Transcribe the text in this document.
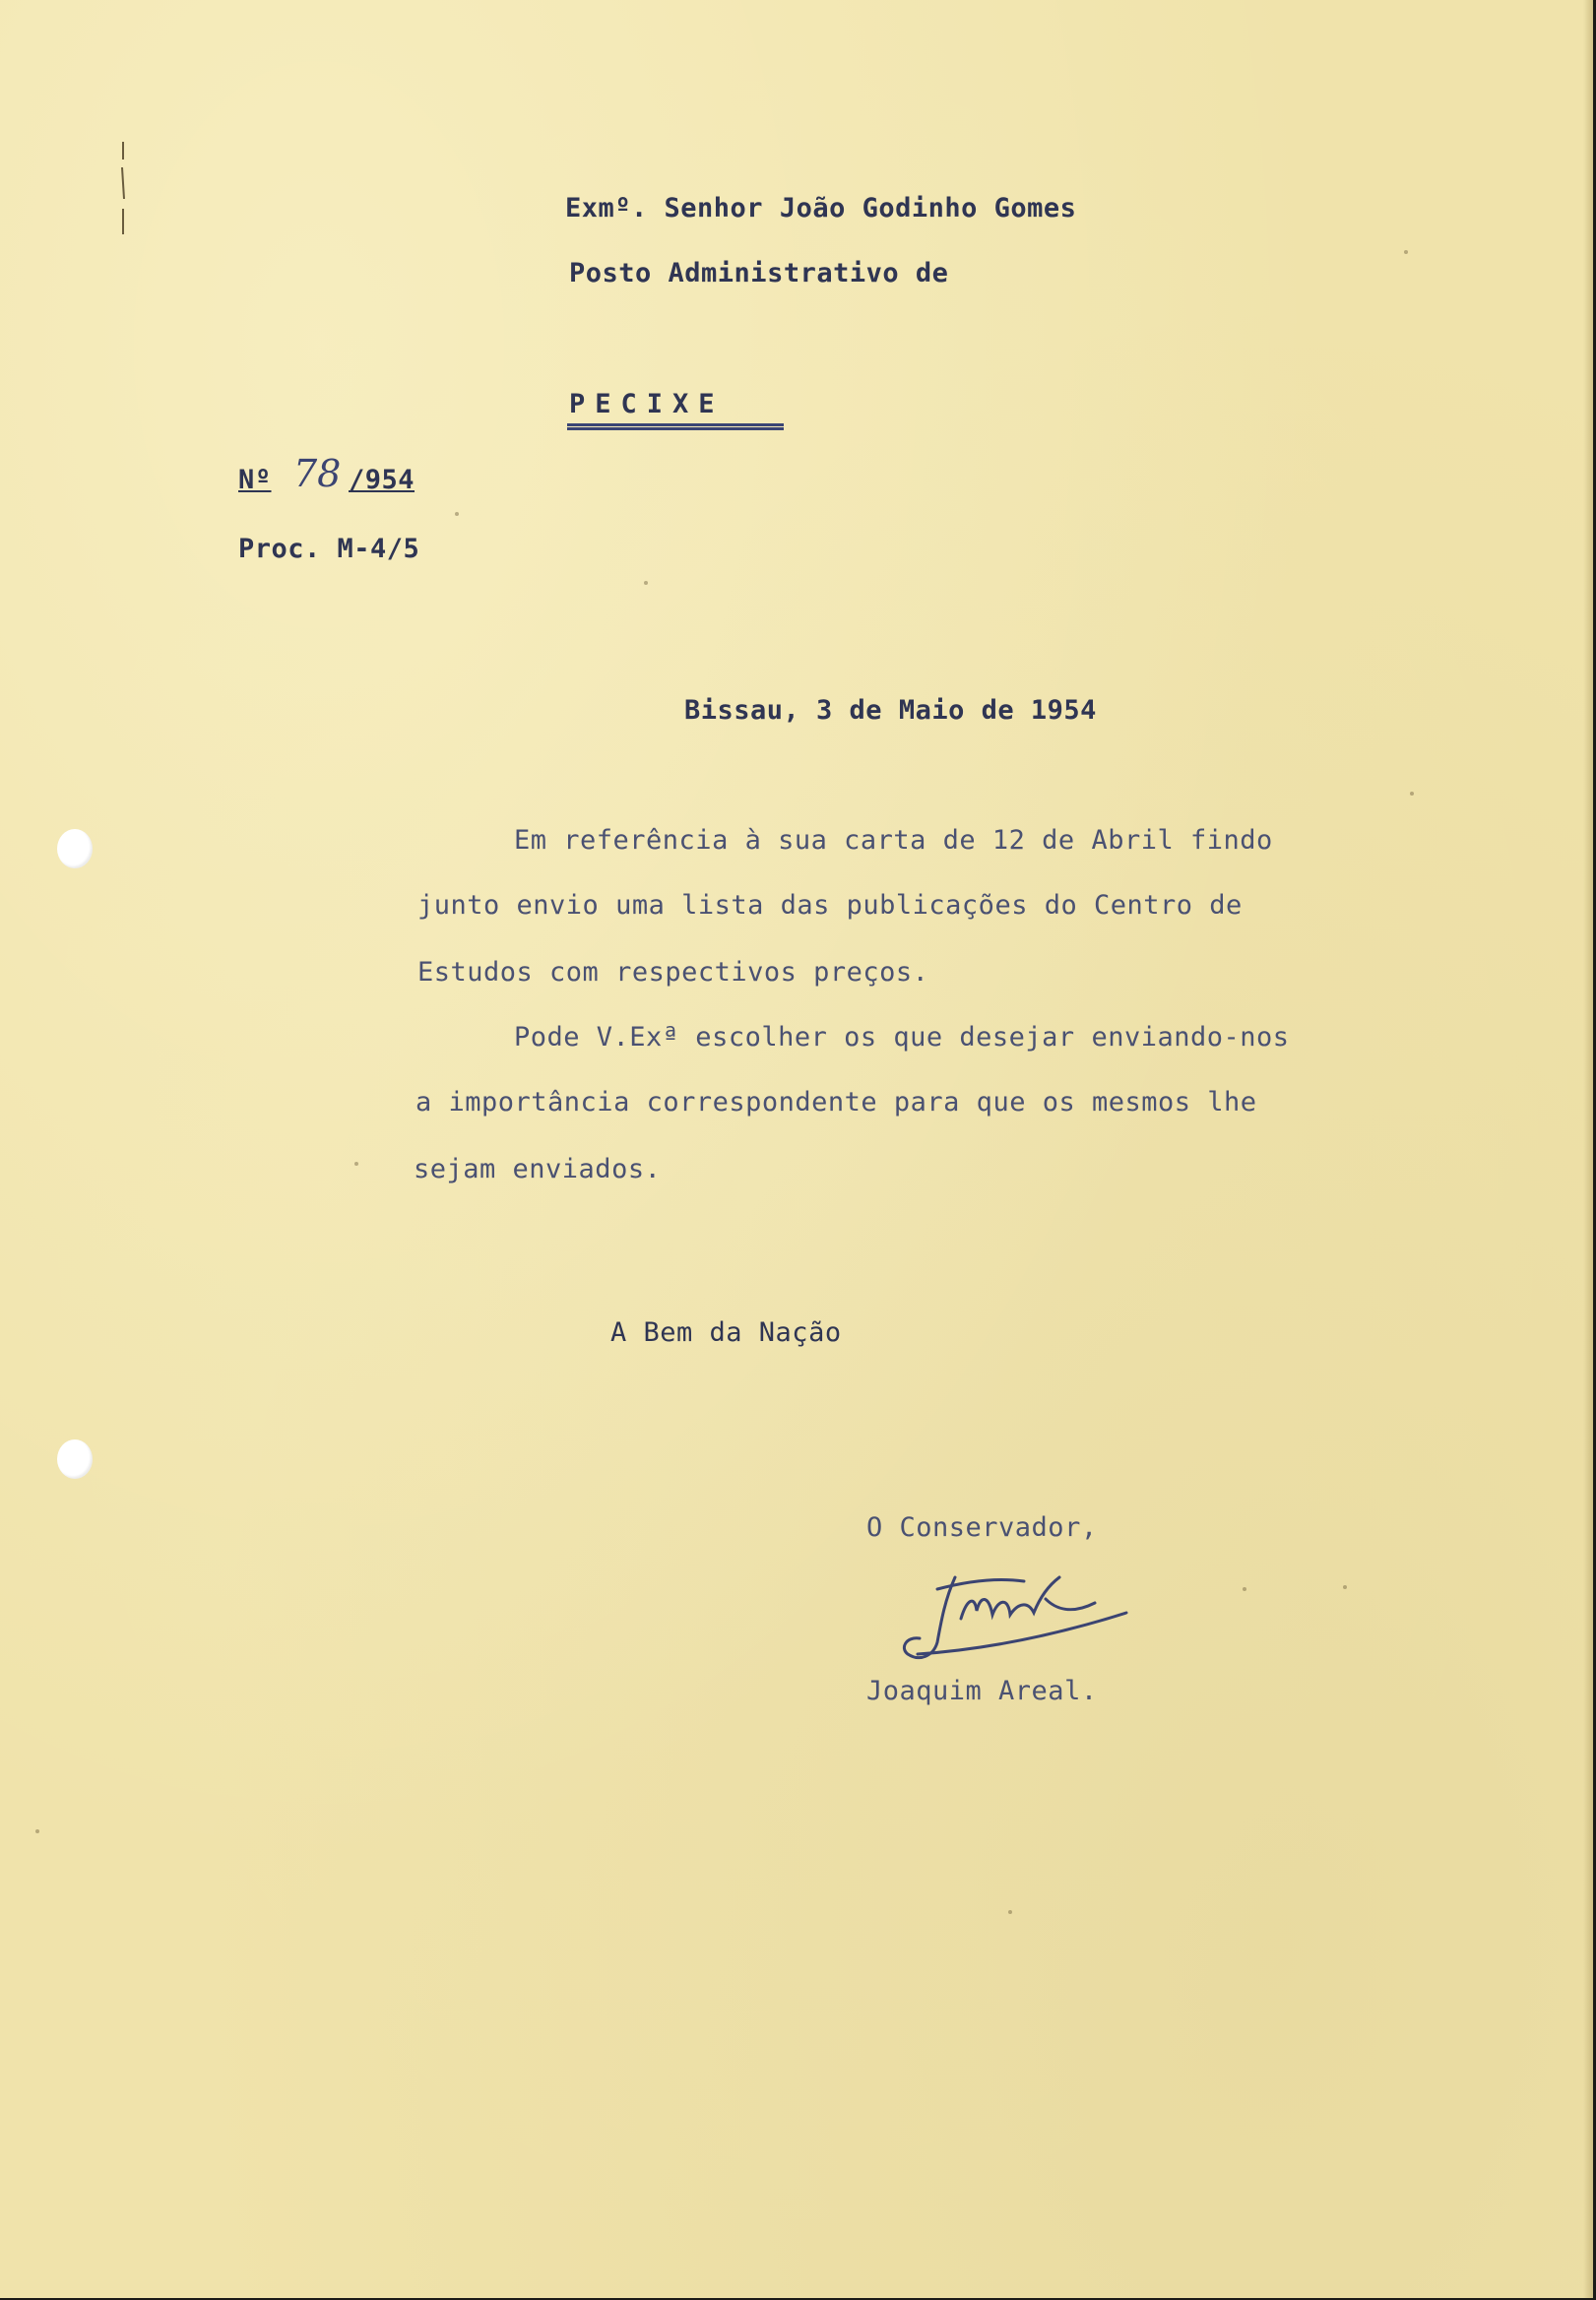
Exmº. Senhor João Godinho Gomes

Posto Administrativo de

PECIXE

Nº 78 /954

Proc. M-4/5

Bissau, 3 de Maio de 1954

Em referência à sua carta de 12 de Abril findo

junto envio uma lista das publicações do Centro de

Estudos com respectivos preços.

Pode V.Exª escolher os que desejar enviando-nos

a importância correspondente para que os mesmos lhe

sejam enviados.

A Bem da Nação

O Conservador,

Joaquim Areal.
